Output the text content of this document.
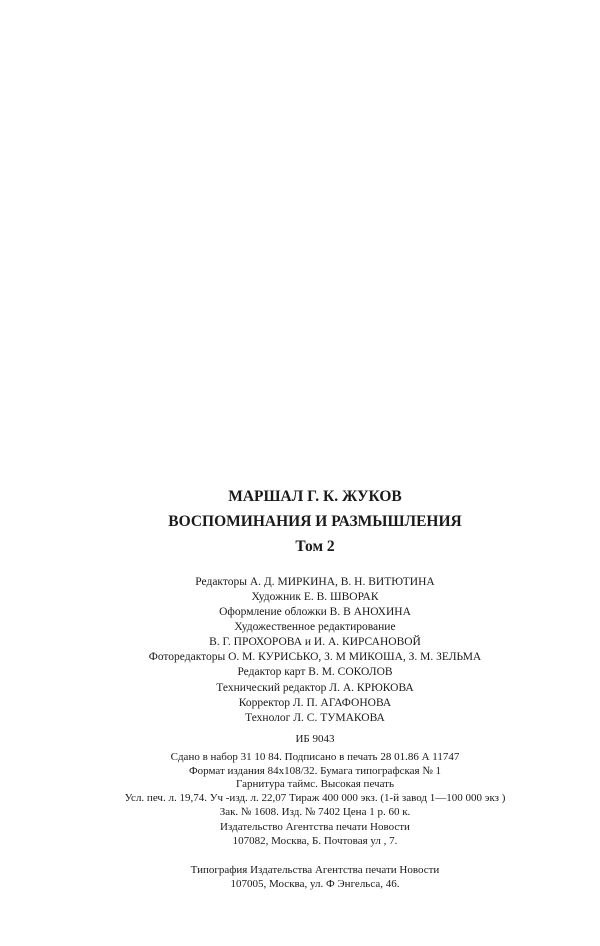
МАРШАЛ Г. К. ЖУКОВ
ВОСПОМИНАНИЯ И РАЗМЫШЛЕНИЯ
Том 2
Редакторы А. Д. МИРКИНА, В. Н. ВИТЮТИНА
Художник Е. В. ШВОРАК
Оформление обложки В. В АНОХИНА
Художественное редактирование
В. Г. ПРОХОРОВА и И. А. КИРСАНОВОЙ
Фоторедакторы О. М. КУРИСЬКО, З. М МИКОША, З. М. ЗЕЛЬМА
Редактор карт В. М. СОКОЛОВ
Технический редактор Л. А. КРЮКОВА
Корректор Л. П. АГАФОНОВА
Технолог Л. С. ТУМАКОВА
ИБ 9043
Сдано в набор 31 10 84. Подписано в печать 28 01.86 А 11747
Формат издания 84x108/32. Бумага типографская № 1
Гарнитура таймс. Высокая печать
Усл. печ. л. 19,74. Уч -изд. л. 22,07 Тираж 400 000 экз. (1-й завод 1—100 000 экз )
Зак. № 1608. Изд. № 7402 Цена 1 р. 60 к.
Издательство Агентства печати Новости
107082, Москва, Б. Почтовая ул , 7.
Типография Издательства Агентства печати Новости
107005, Москва, ул. Ф Энгельса, 46.
